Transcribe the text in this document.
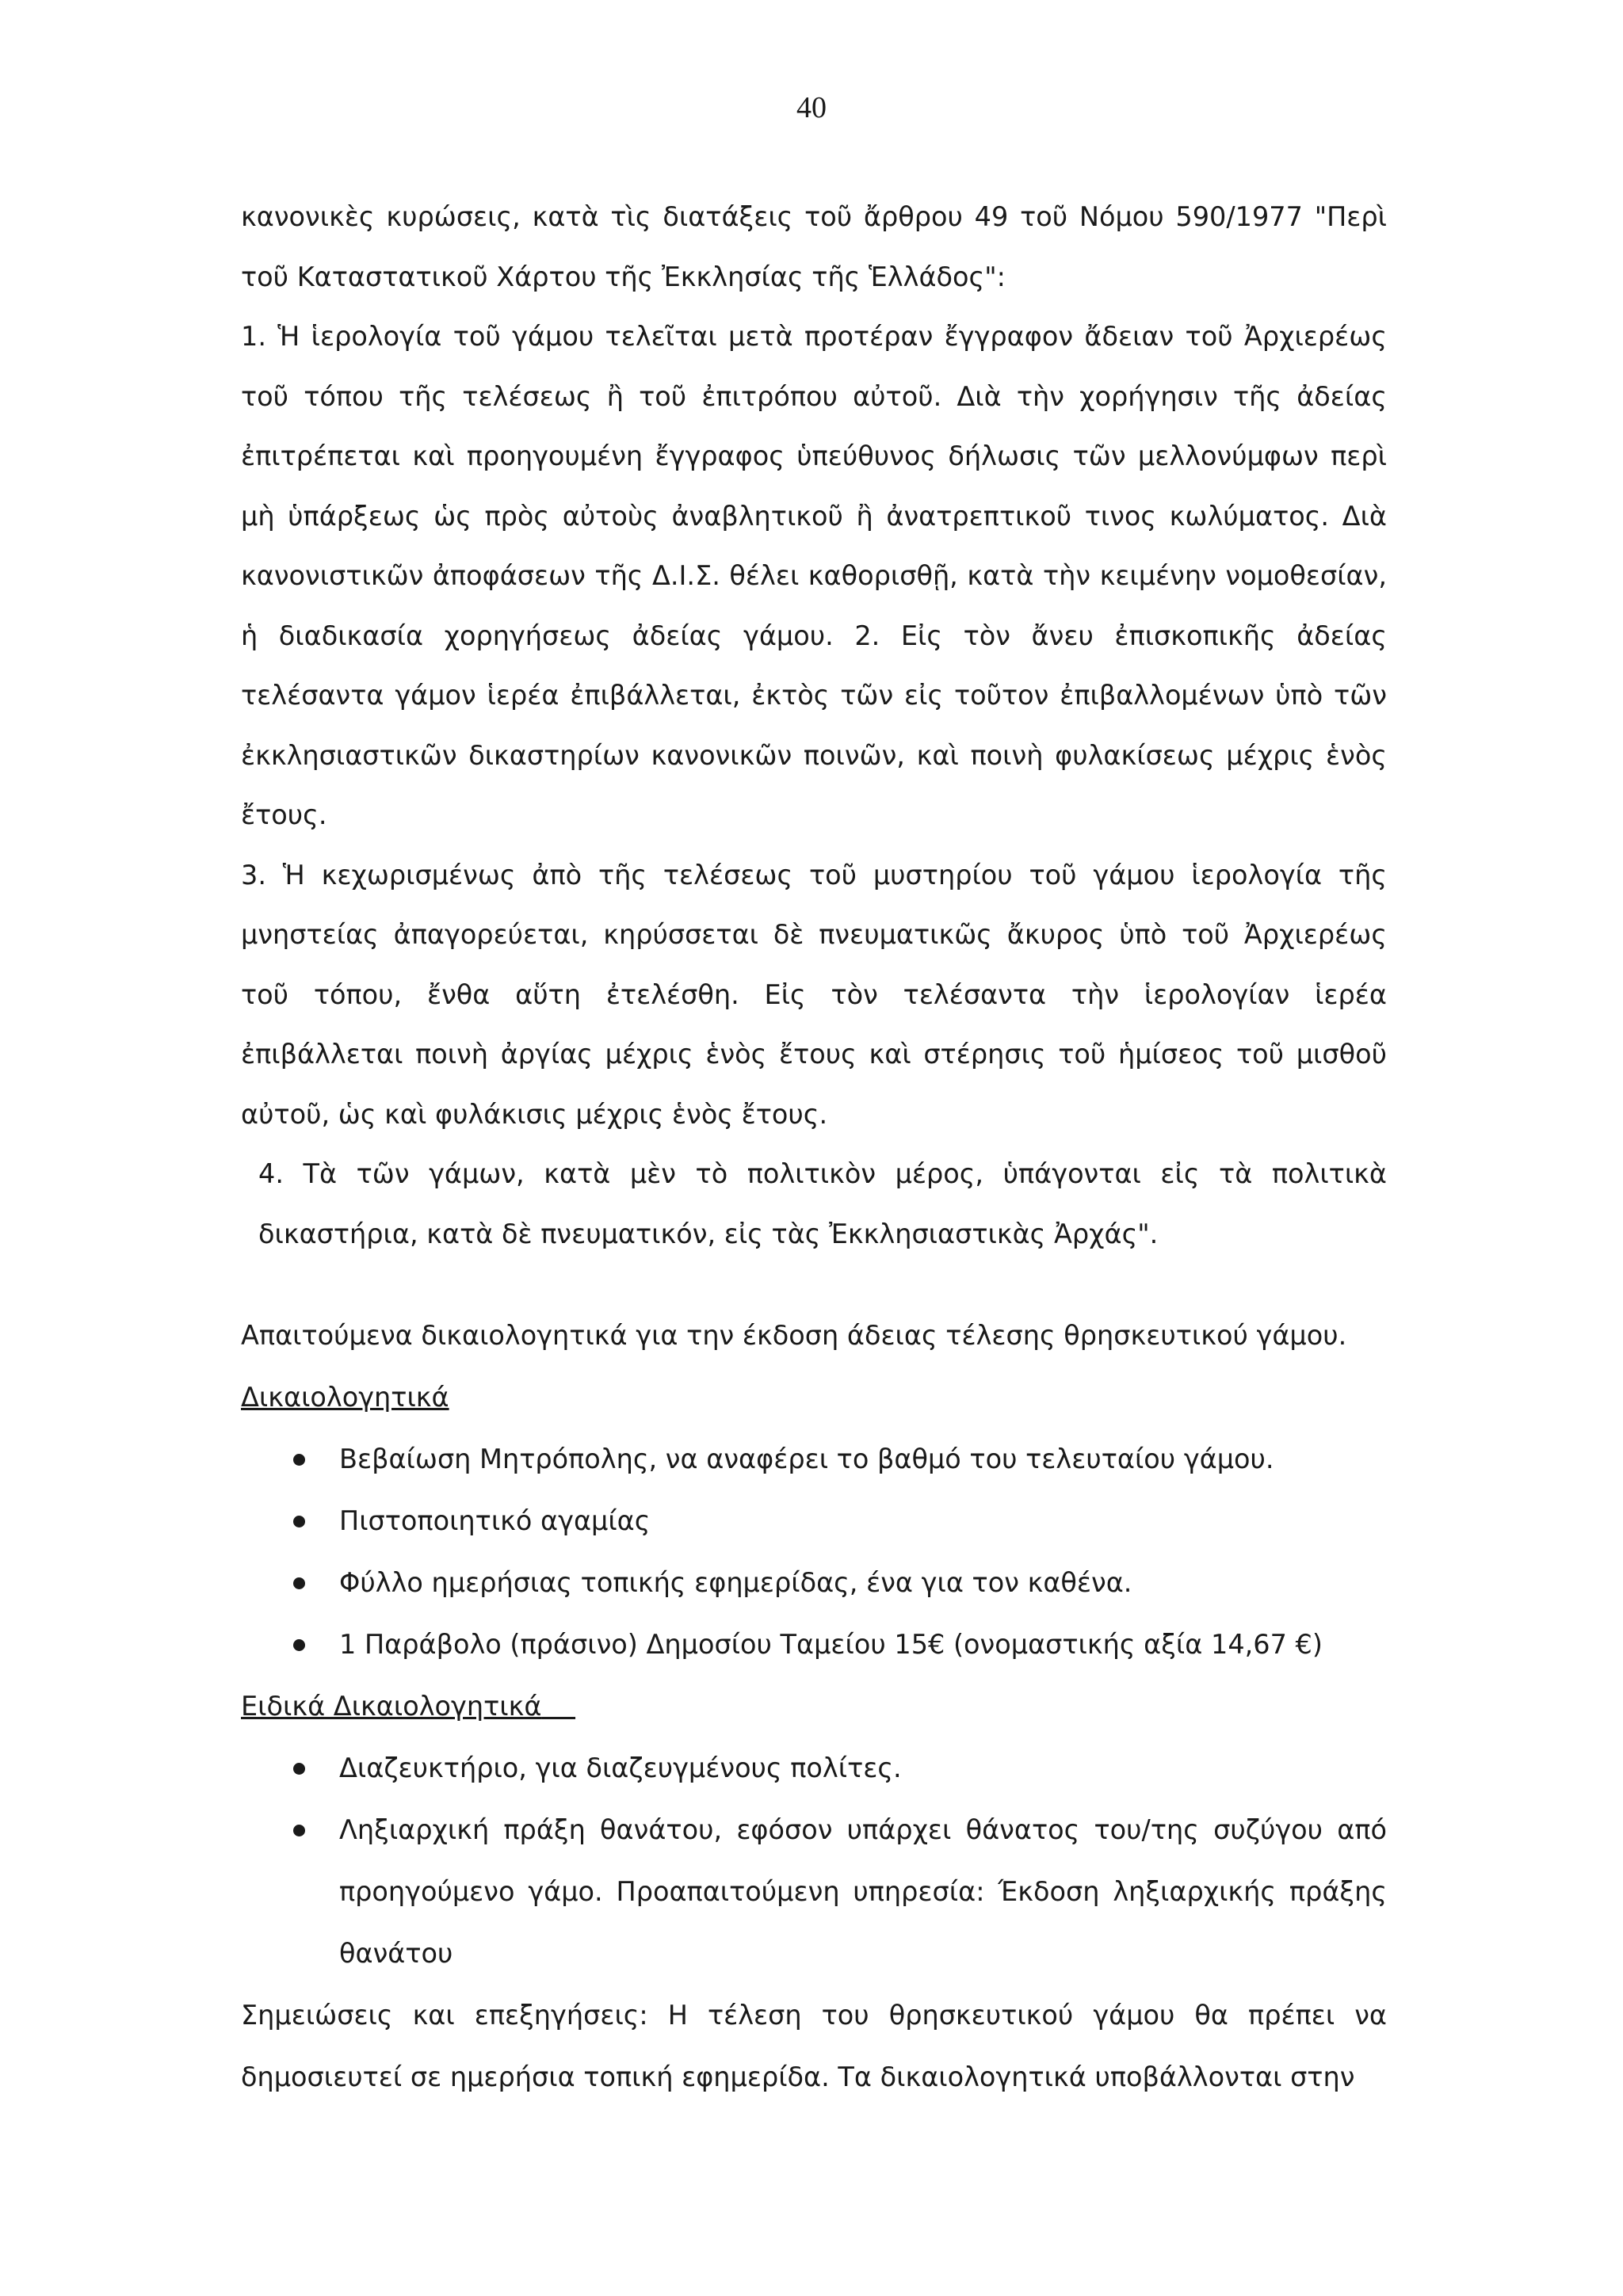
40

κανονικὲς κυρώσεις, κατὰ τὶς διατάξεις τοῦ ἄρθρου 49 τοῦ Νόμου 590/1977 "Περὶ τοῦ Καταστατικοῦ Χάρτου τῆς Ἐκκλησίας τῆς Ἑλλάδος":

1. Ἡ ἱερολογία τοῦ γάμου τελεῖται μετὰ προτέραν ἔγγραφον ἄδειαν τοῦ Ἀρχιερέως τοῦ τόπου τῆς τελέσεως ἢ τοῦ ἐπιτρόπου αὐτοῦ. Διὰ τὴν χορήγησιν τῆς ἀδείας ἐπιτρέπεται καὶ προηγουμένη ἔγγραφος ὑπεύθυνος δήλωσις τῶν μελλονύμφων περὶ μὴ ὑπάρξεως ὡς πρὸς αὐτοὺς ἀναβλητικοῦ ἢ ἀνατρεπτικοῦ τινος κωλύματος. Διὰ κανονιστικῶν ἀποφάσεων τῆς Δ.Ι.Σ. θέλει καθορισθῇ, κατὰ τὴν κειμένην νομοθεσίαν, ἡ διαδικασία χορηγήσεως ἀδείας γάμου. 2. Εἰς τὸν ἄνευ ἐπισκοπικῆς ἀδείας τελέσαντα γάμον ἱερέα ἐπιβάλλεται, ἐκτὸς τῶν εἰς τοῦτον ἐπιβαλλομένων ὑπὸ τῶν ἐκκλησιαστικῶν δικαστηρίων κανονικῶν ποινῶν, καὶ ποινὴ φυλακίσεως μέχρις ἑνὸς ἔτους.

3. Ἡ κεχωρισμένως ἀπὸ τῆς τελέσεως τοῦ μυστηρίου τοῦ γάμου ἱερολογία τῆς μνηστείας ἀπαγορεύεται, κηρύσσεται δὲ πνευματικῶς ἄκυρος ὑπὸ τοῦ Ἀρχιερέως τοῦ τόπου, ἔνθα αὕτη ἐτελέσθη. Εἰς τὸν τελέσαντα τὴν ἱερολογίαν ἱερέα ἐπιβάλλεται ποινὴ ἀργίας μέχρις ἑνὸς ἔτους καὶ στέρησις τοῦ ἡμίσεος τοῦ μισθοῦ αὐτοῦ, ὡς καὶ φυλάκισις μέχρις ἑνὸς ἔτους.

4. Τὰ τῶν γάμων, κατὰ μὲν τὸ πολιτικὸν μέρος, ὑπάγονται εἰς τὰ πολιτικὰ δικαστήρια, κατὰ δὲ πνευματικόν, εἰς τὰς Ἐκκλησιαστικὰς Ἀρχάς".

Απαιτούμενα δικαιολογητικά για την έκδοση άδειας τέλεσης θρησκευτικού γάμου.

Δικαιολογητικά

Βεβαίωση Μητρόπολης, να αναφέρει το βαθμό του τελευταίου γάμου.
Πιστοποιητικό αγαμίας
Φύλλο ημερήσιας τοπικής εφημερίδας, ένα για τον καθένα.
1 Παράβολο (πράσινο) Δημοσίου Ταμείου 15€ (ονομαστικής αξία 14,67 €)

Ειδικά Δικαιολογητικά

Διαζευκτήριο, για διαζευγμένους πολίτες.
Ληξιαρχική πράξη θανάτου, εφόσον υπάρχει θάνατος του/της συζύγου από προηγούμενο γάμο. Προαπαιτούμενη υπηρεσία: Έκδοση ληξιαρχικής πράξης θανάτου

Σημειώσεις και επεξηγήσεις: Η τέλεση του θρησκευτικού γάμου θα πρέπει να δημοσιευτεί σε ημερήσια τοπική εφημερίδα. Τα δικαιολογητικά υποβάλλονται στην
